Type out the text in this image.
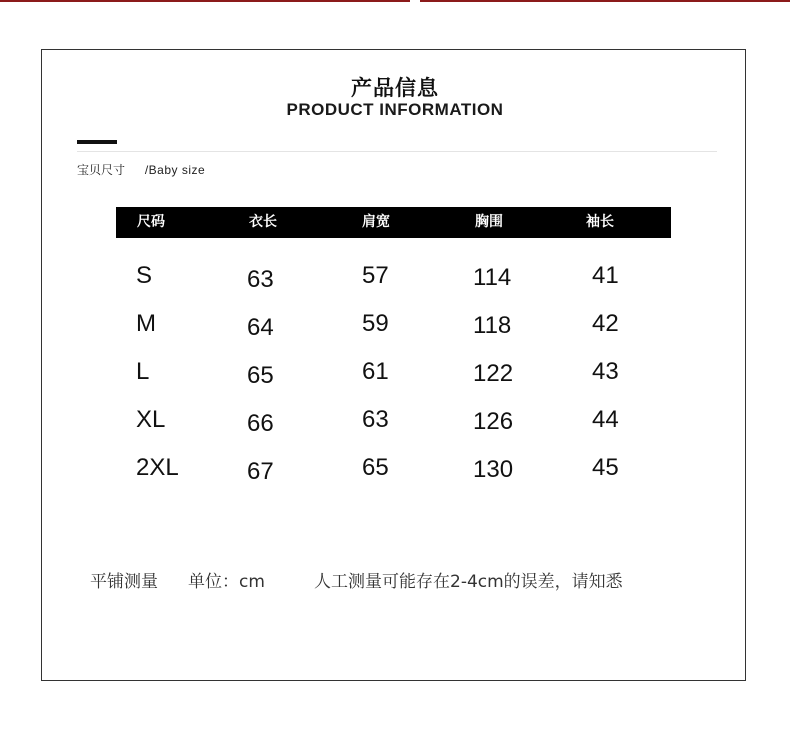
产品信息
PRODUCT INFORMATION
宝贝尺寸 /Baby size
尺码	衣长	肩宽	胸围	袖长
S	63	57	114	41
M	64	59	118	42
L	65	61	122	43
XL	66	63	126	44
2XL	67	65	130	45
平铺测量 单位：cm	人工测量可能存在2-4cm的误差，请知悉
